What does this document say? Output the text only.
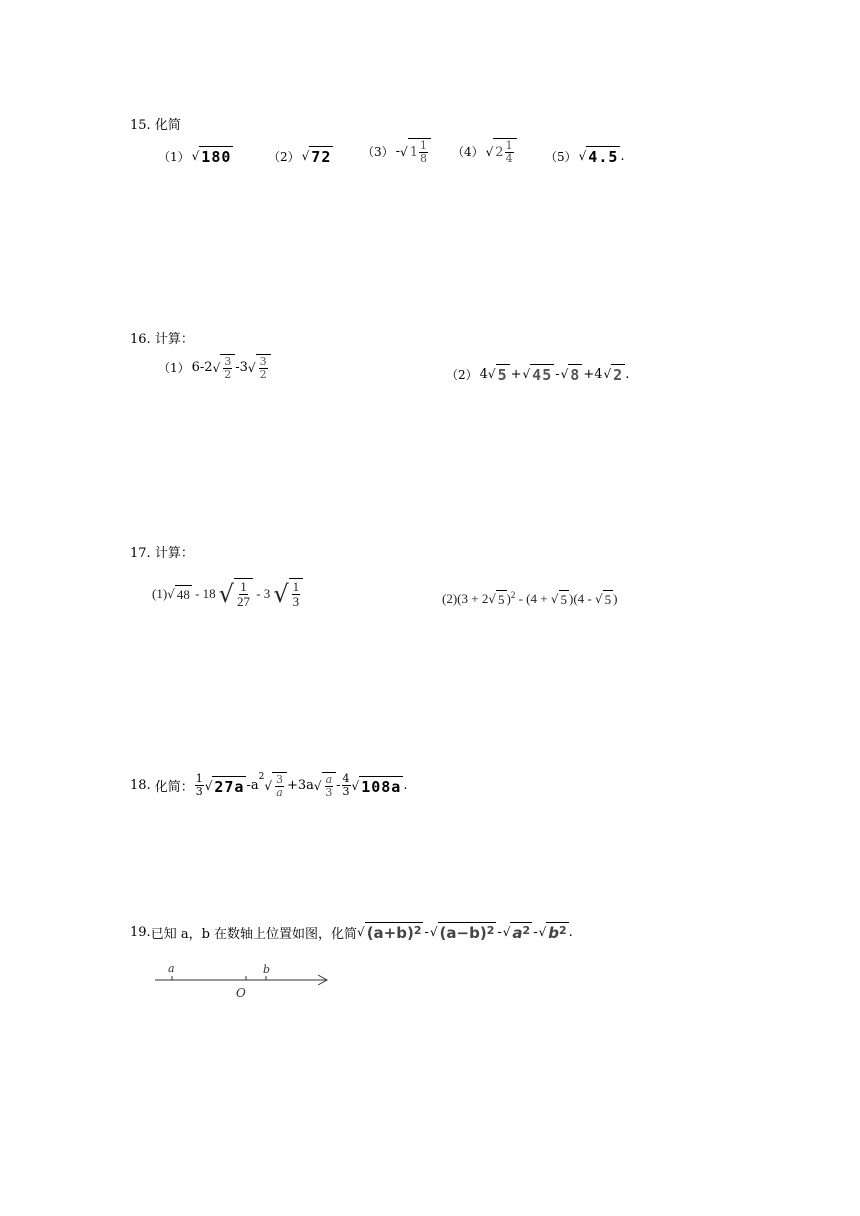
15. 化简
（1） √ 180	（2） √ 72	（3） - √ $1 \frac{1}{8} (4)$ √ $2 \frac{1}{4}$	（5） √ 4.5 .
16. 计算：
（1） 6-2 √ $\frac{3}{2} -3$ √ $\frac{3}{2}$	（2） 4 √ 5 + √ 45 - √ 8 +4 √ 2 .
17. 计算：
(1) √ 48 - 18 √ $\frac{1}{27} - 3$ √ $\frac{1}{3}$	(2) (3 + 2 √ 5 ) 2 - (4 + √ 5 )(4 - √ 5 )
18. 化简： $\frac{1}{3}$ √ 27a -a
2
√ $\frac{3}{a} +3a$ √ $\frac{a}{3} - \frac{4}{3}$ √ 108a .
19. 已知 a，b 在数轴上位置如图，化简 √ (a+b) 2 - √ (a−b) 2 - √ a 2 - √ b 2 .
a	b
O
